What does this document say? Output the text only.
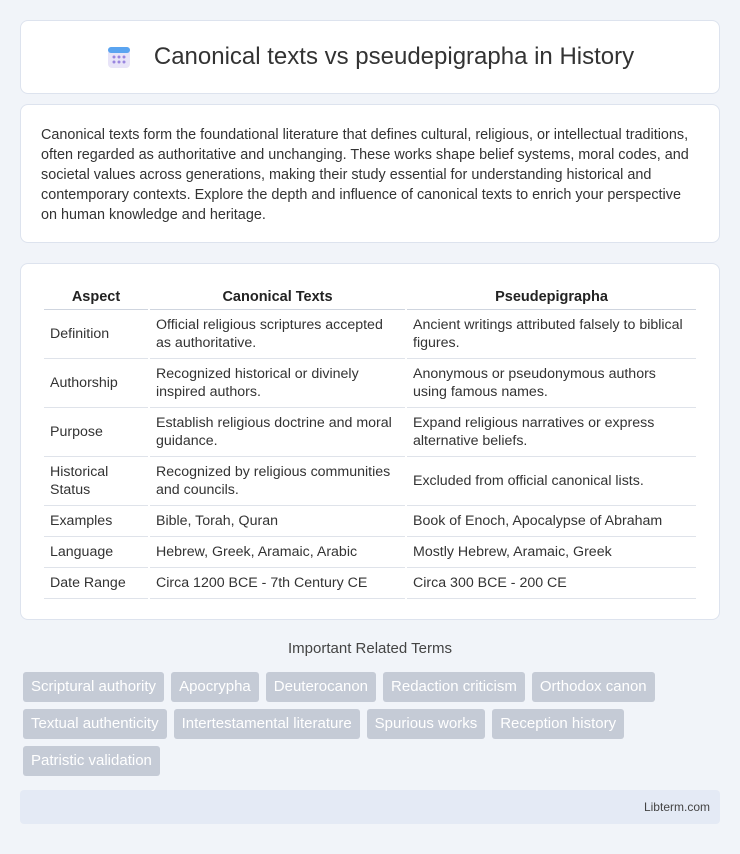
Canonical texts vs pseudepigrapha in History

Canonical texts form the foundational literature that defines cultural, religious, or intellectual traditions, often regarded as authoritative and unchanging. These works shape belief systems, moral codes, and societal values across generations, making their study essential for understanding historical and contemporary contexts. Explore the depth and influence of canonical texts to enrich your perspective on human knowledge and heritage.

Aspect	Canonical Texts	Pseudepigrapha
Definition	Official religious scriptures accepted as authoritative.	Ancient writings attributed falsely to biblical figures.
Authorship	Recognized historical or divinely inspired authors.	Anonymous or pseudonymous authors using famous names.
Purpose	Establish religious doctrine and moral guidance.	Expand religious narratives or express alternative beliefs.
Historical Status	Recognized by religious communities and councils.	Excluded from official canonical lists.
Examples	Bible, Torah, Quran	Book of Enoch, Apocalypse of Abraham
Language	Hebrew, Greek, Aramaic, Arabic	Mostly Hebrew, Aramaic, Greek
Date Range	Circa 1200 BCE - 7th Century CE	Circa 300 BCE - 200 CE
Important Related Terms
Scriptural authority	Apocrypha	Deuterocanon	Redaction criticism	Orthodox canon
Textual authenticity	Intertestamental literature	Spurious works	Reception history
Patristic validation
Libterm.com
